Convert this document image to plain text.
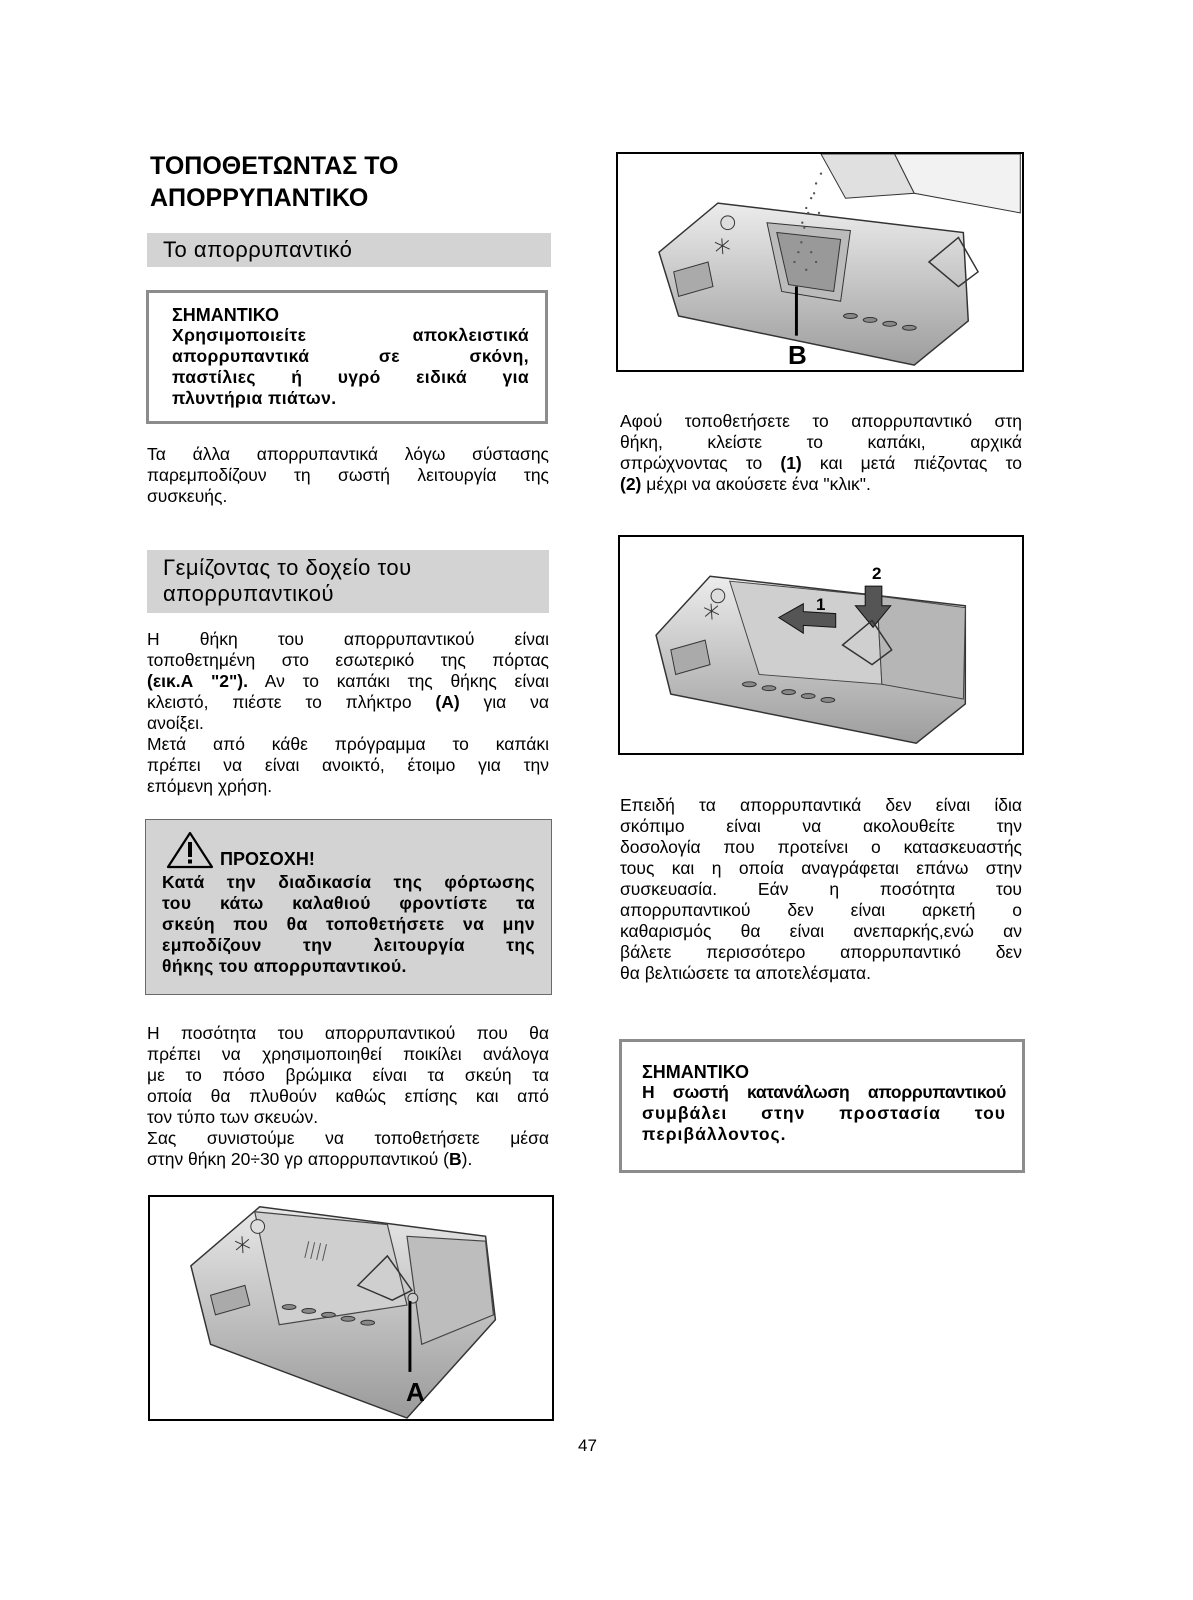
ΤΟΠΟΘΕΤΩΝΤΑΣ ΤΟ
ΑΠΟΡΡΥΠΑΝΤΙΚΟ
Το απορρυπαντικό
ΣΗΜΑΝΤΙΚΟ
Χρησιμοποιείτε αποκλειστικά
απορρυπαντικά σε σκόνη,
παστίλιες ή υγρό ειδικά για
πλυντήρια πιάτων.

Τα άλλα απορρυπαντικά λόγω σύστασης

παρεμποδίζουν τη σωστή λειτουργία της

συσκευής.

Γεμίζοντας το δοχείο του
απορρυπαντικού

Η θήκη του απορρυπαντικού είναι

τοποθετημένη στο εσωτερικό της πόρτας

(εικ.Α "2"). Αν το καπάκι της θήκης είναι

κλειστό, πιέστε το πλήκτρο (A) για να

ανοίξει.

Μετά από κάθε πρόγραμμα το καπάκι

πρέπει να είναι ανοικτό, έτοιμο για την

επόμενη χρήση.

ΠΡΟΣΟΧΗ!
Κατά την διαδικασία της φόρτωσης
του κάτω καλαθιού φροντίστε τα
σκεύη που θα τοποθετήσετε να μην
εμποδίζουν την λειτουργία της
θήκης του απορρυπαντικού.

Η ποσότητα του απορρυπαντικού που θα

πρέπει να χρησιμοποιηθεί ποικίλει ανάλογα

με το πόσο βρώμικα είναι τα σκεύη τα

οποία θα πλυθούν καθώς επίσης και από

τον τύπο των σκευών.

Σας συνιστούμε να τοποθετήσετε μέσα

στην θήκη 20÷30 γρ απορρυπαντικού (B).

A
47
B

Αφού τοποθετήσετε το απορρυπαντικό στη

θήκη, κλείστε το καπάκι, αρχικά

σπρώχνοντας το (1) και μετά πιέζοντας το

(2) μέχρι να ακούσετε ένα "κλικ".

1
2

Επειδή τα απορρυπαντικά δεν είναι ίδια

σκόπιμο είναι να ακολουθείτε την

δοσολογία που προτείνει ο κατασκευαστής

τους και η οποία αναγράφεται επάνω στην

συσκευασία. Εάν η ποσότητα του

απορρυπαντικού δεν είναι αρκετή ο

καθαρισμός θα είναι ανεπαρκής,ενώ αν

βάλετε περισσότερο απορρυπαντικό δεν

θα βελτιώσετε τα αποτελέσματα.

ΣΗΜΑΝΤΙΚΟ
Η σωστή κατανάλωση απορρυπαντικού
συμβάλει στην προστασία του
περιβάλλοντος.
